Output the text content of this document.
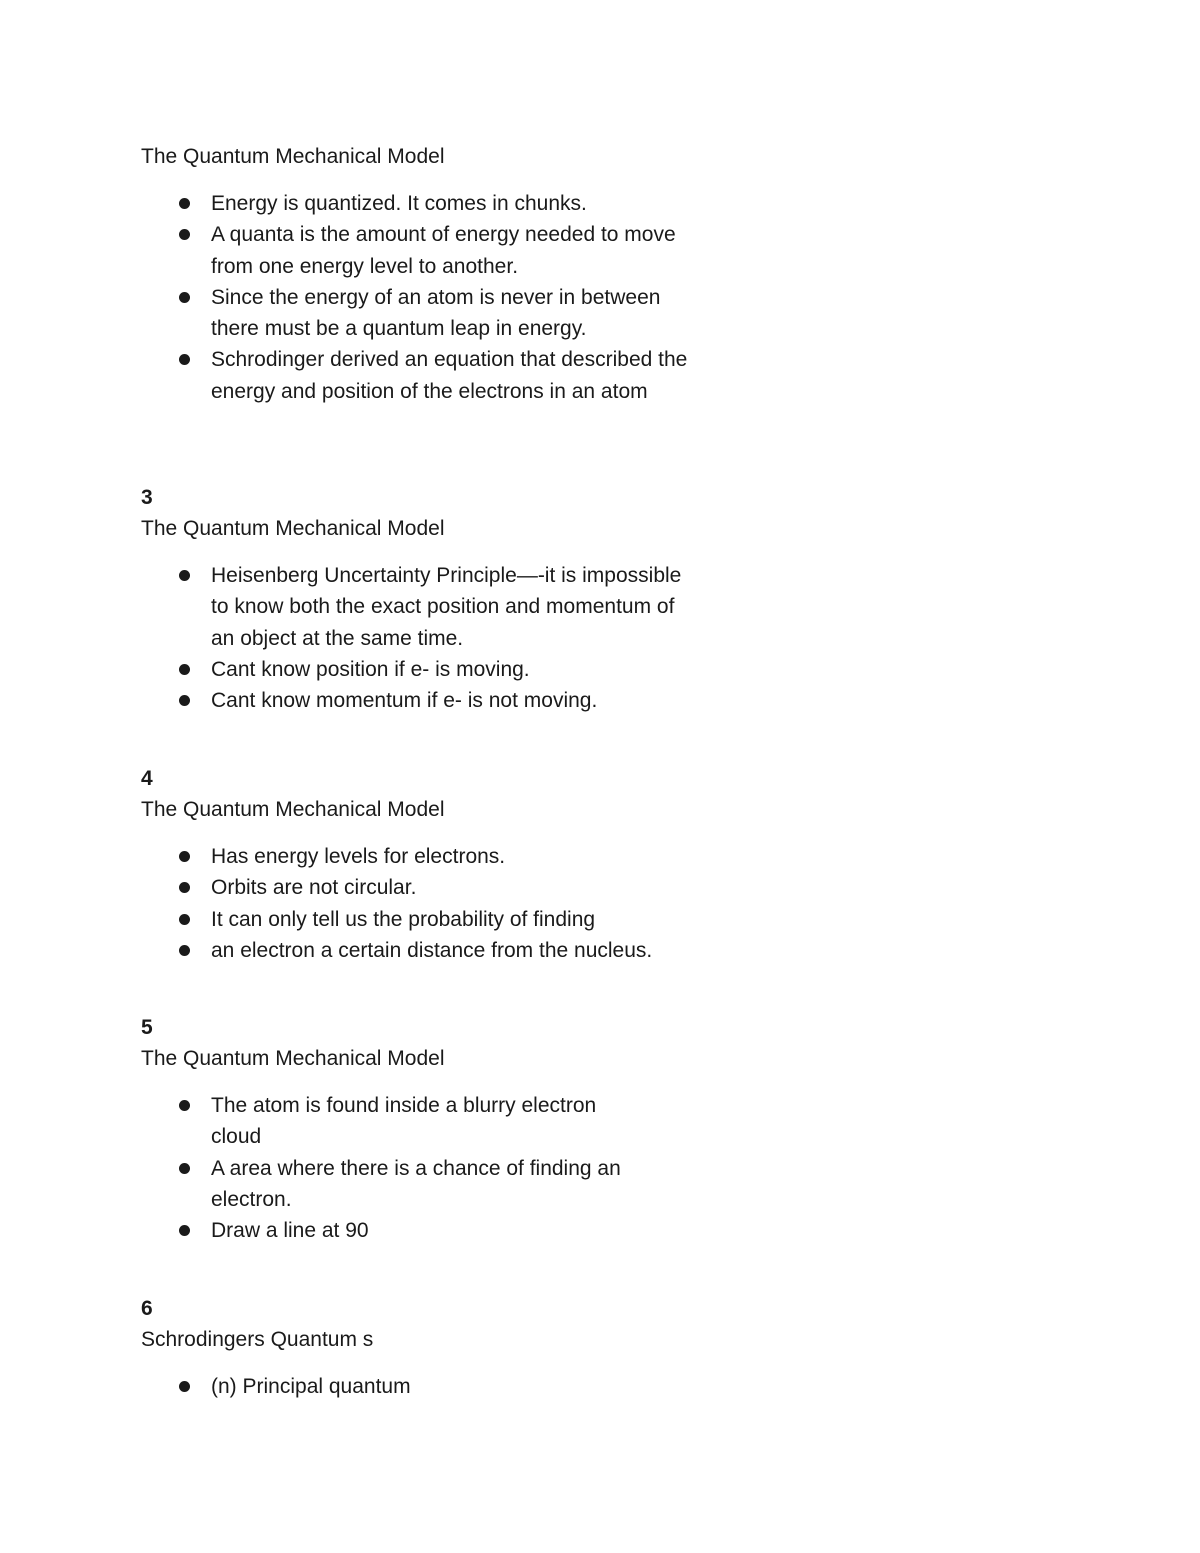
The Quantum Mechanical Model
Energy is quantized. It comes in chunks.
A quanta is the amount of energy needed to move from one energy level to another.
Since the energy of an atom is never in between there must be a quantum leap in energy.
Schrodinger derived an equation that described the energy and position of the electrons in an atom
3
The Quantum Mechanical Model
Heisenberg Uncertainty Principle—-it is impossible to know both the exact position and momentum of an object at the same time.
Cant know position if e- is moving.
Cant know momentum if e- is not moving.
4
The Quantum Mechanical Model
Has energy levels for electrons.
Orbits are not circular.
It can only tell us the probability of finding
an electron a certain distance from the nucleus.
5
The Quantum Mechanical Model
The atom is found inside a blurry electron cloud
A area where there is a chance of finding an electron.
Draw a line at 90
6
Schrodingers Quantum s
(n) Principal quantum
